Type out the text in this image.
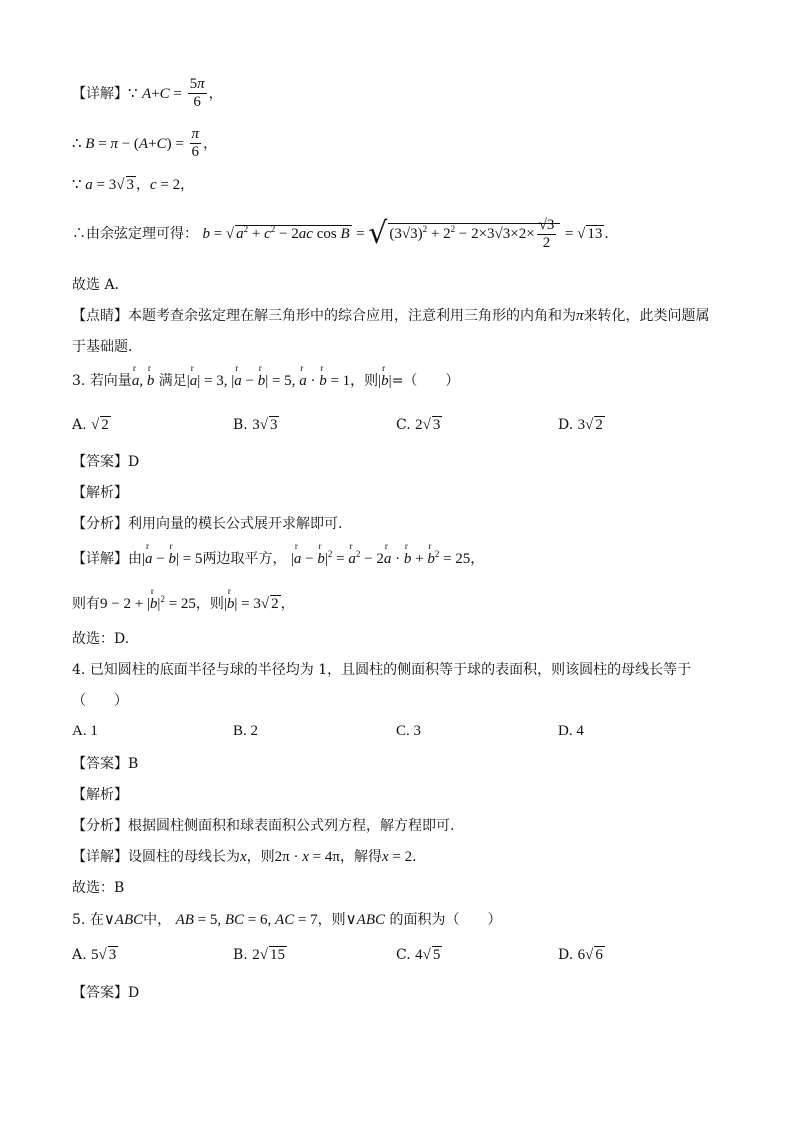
【详解】∵ $A+C = \frac{5\pi}{6}$ ，
∴ $B = \pi - (A+C) = \frac{\pi}{6}$ ，
∵ a = 3√ 3 ，c = 2，
∴由余弦定理可得： b = √ $a^2 + c^2 - 2ac$ cos B = √ $(3√3)^2 + 2^2 - 2\times 3√3\times 2\times \frac{√3}{2}$ = √ 13 ．
故选 A．
【点睛】本题考查余弦定理在解三角形中的综合应用，注意利用三角形的内角和为π来转化，此类问题属
于基础题．
3. 若向量r a, r b 满足|r a| = 3, |r a − r b| = 5, r a · r b = 1，则|r b|=（　　）
A. √ 2	B. 3√ 3	C. 2√ 3	D. 3√ 2
【答案】D
【解析】
【分析】利用向量的模长公式展开求解即可.
【详解】由|r a − r b| = 5两边取平方， |r a − r $b|^2 = r$ $a^2 - 2r$ a · r b + r $b^2 = 25$，
则有9 − 2 + |r $b|^2 = 25$，则|r b| = 3√ 2 ，
故选：D.
4. 已知圆柱的底面半径与球的半径均为 1，且圆柱的侧面积等于球的表面积，则该圆柱的母线长等于
（　　）
A. 1	B. 2	C. 3	D. 4
【答案】B
【解析】
【分析】根据圆柱侧面积和球表面积公式列方程，解方程即可.
【详解】设圆柱的母线长为x，则2π · x = 4π，解得x = 2．
故选：B
5. 在∨ABC中， AB = 5, BC = 6, AC = 7，则∨ABC 的面积为（　　）
A. 5√ 3	B. 2√ 15	C. 4√ 5	D. 6√ 6
【答案】D
